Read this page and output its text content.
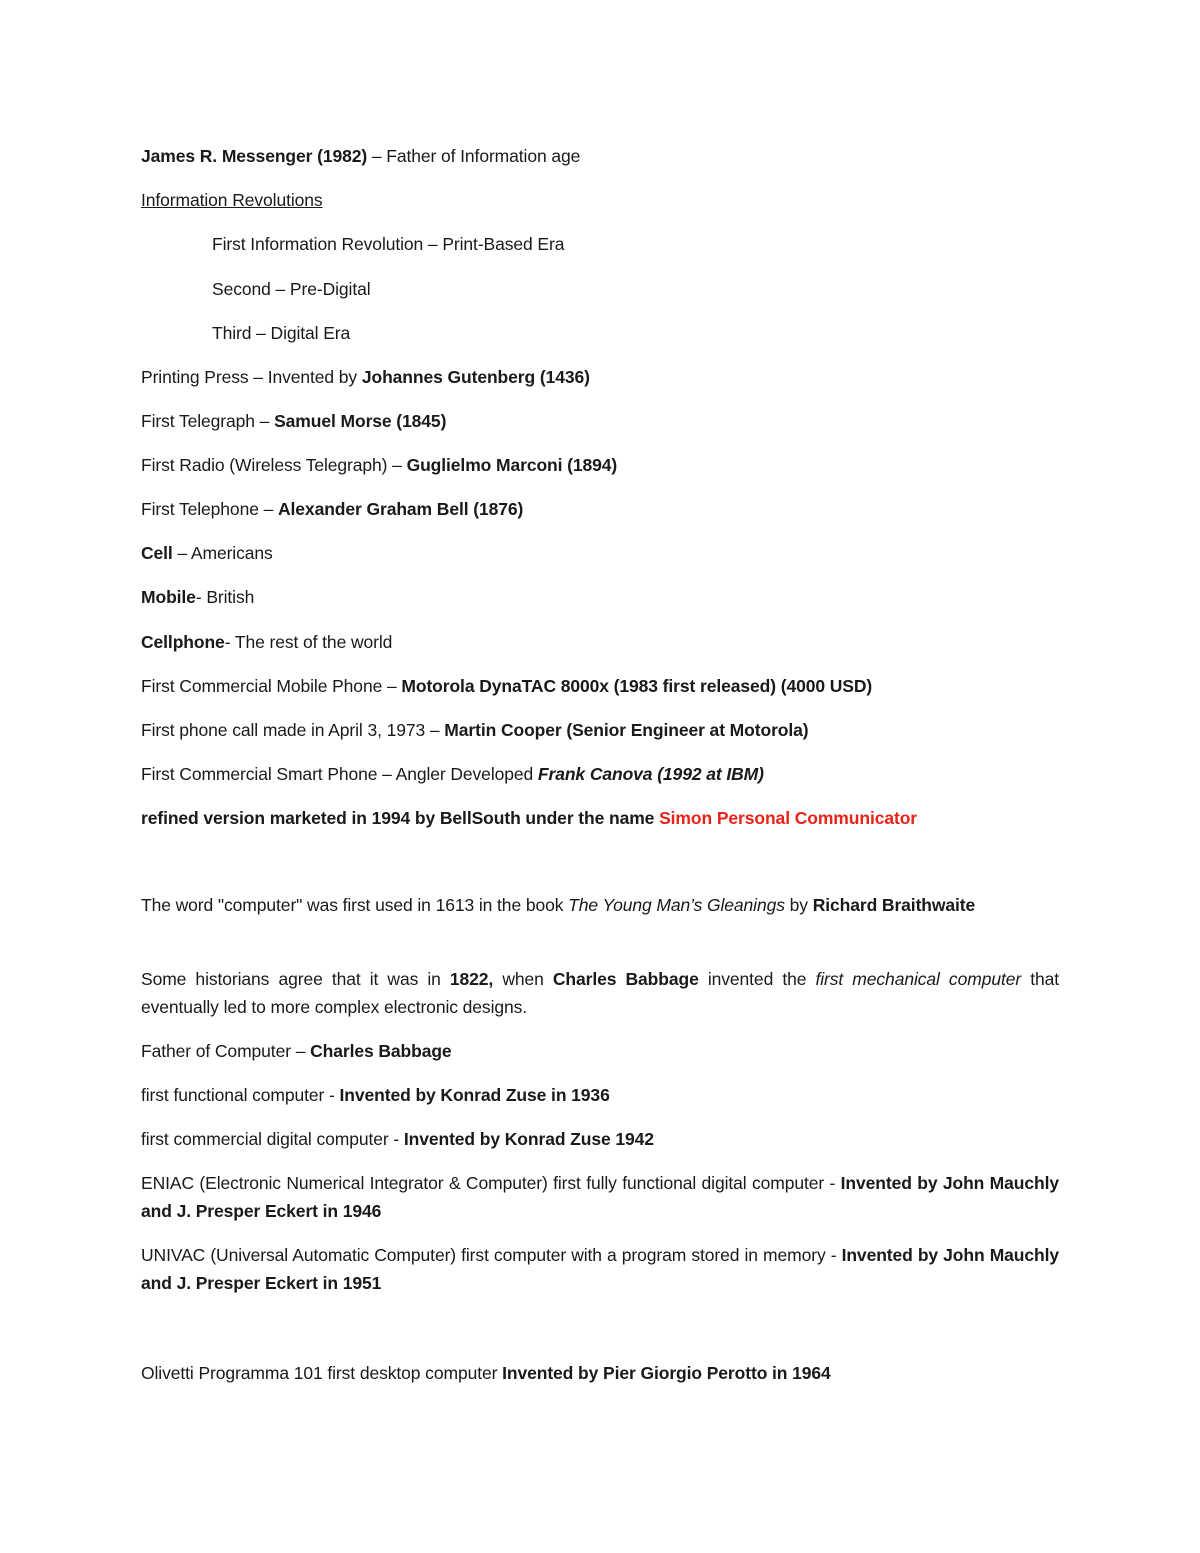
James R. Messenger (1982) – Father of Information age
Information Revolutions
First Information Revolution – Print-Based Era
Second – Pre-Digital
Third – Digital Era
Printing Press – Invented by Johannes Gutenberg (1436)
First Telegraph – Samuel Morse (1845)
First Radio (Wireless Telegraph) – Guglielmo Marconi (1894)
First Telephone – Alexander Graham Bell (1876)
Cell – Americans
Mobile- British
Cellphone- The rest of the world
First Commercial Mobile Phone – Motorola DynaTAC 8000x (1983 first released) (4000 USD)
First phone call made in April 3, 1973 – Martin Cooper (Senior Engineer at Motorola)
First Commercial Smart Phone – Angler Developed Frank Canova (1992 at IBM)
refined version marketed in 1994 by BellSouth under the name Simon Personal Communicator
The word "computer" was first used in 1613 in the book The Young Man’s Gleanings by Richard Braithwaite
Some historians agree that it was in 1822, when Charles Babbage invented the first mechanical computer that eventually led to more complex electronic designs.
Father of Computer – Charles Babbage
first functional computer - Invented by Konrad Zuse in 1936
first commercial digital computer - Invented by Konrad Zuse 1942
ENIAC (Electronic Numerical Integrator & Computer) first fully functional digital computer - Invented by John Mauchly and J. Presper Eckert in 1946
UNIVAC (Universal Automatic Computer) first computer with a program stored in memory - Invented by John Mauchly and J. Presper Eckert in 1951
Olivetti Programma 101 first desktop computer Invented by Pier Giorgio Perotto in 1964
